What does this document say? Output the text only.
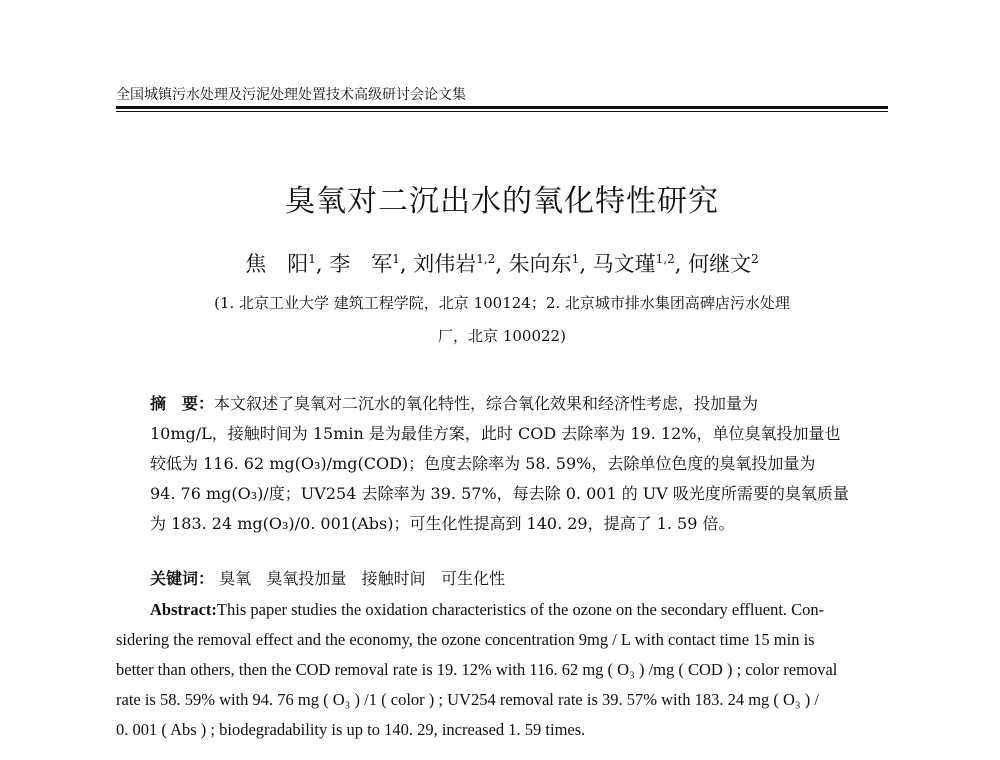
全国城镇污水处理及污泥处理处置技术高级研讨会论文集
臭氧对二沉出水的氧化特性研究
焦　阳$^1$, 李　军$^1$, 刘伟岩$^{1,2}$, 朱向东$^1$, 马文瑾$^{1,2}$, 何继文$^2$
(1. 北京工业大学 建筑工程学院，北京 100124；2. 北京城市排水集团高碑店污水处理
厂，北京 100022)
摘　要：本文叙述了臭氧对二沉水的氧化特性，综合氧化效果和经济性考虑，投加量为
10mg/L，接触时间为 15min 是为最佳方案，此时 COD 去除率为 19. 12%，单位臭氧投加量也
较低为 116. 62 mg(O₃)/mg(COD)；色度去除率为 58. 59%，去除单位色度的臭氧投加量为
94. 76 mg(O₃)/度；UV254 去除率为 39. 57%，每去除 0. 001 的 UV 吸光度所需要的臭氧质量
为 183. 24 mg(O₃)/0. 001(Abs)；可生化性提高到 140. 29，提高了 1. 59 倍。
关键词： 臭氧 臭氧投加量 接触时间 可生化性
Abstract:This paper studies the oxidation characteristics of the ozone on the secondary effluent. Con-
sidering the removal effect and the economy, the ozone concentration 9mg / L with contact time 15 min is
better than others, then the COD removal rate is 19. 12% with 116. 62 mg ( O₃ ) /mg ( COD ) ; color removal
rate is 58. 59% with 94. 76 mg ( O₃ ) /1 ( color ) ; UV254 removal rate is 39. 57% with 183. 24 mg ( O₃ ) /
0. 001 ( Abs ) ; biodegradability is up to 140. 29, increased 1. 59 times.
